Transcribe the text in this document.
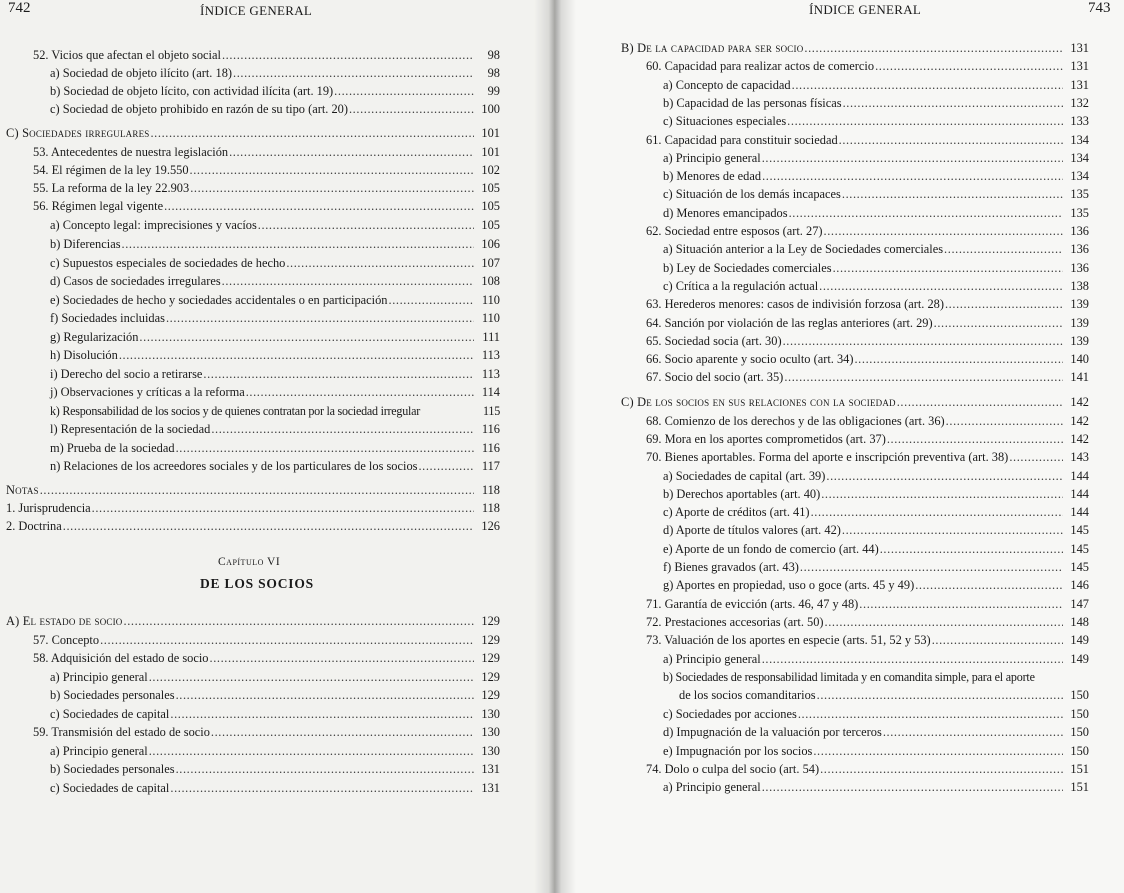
742	ÍNDICE GENERAL
52. Vicios que afectan el objeto social .....	98
a) Sociedad de objeto ilícito (art. 18) .....	98
b) Sociedad de objeto lícito, con actividad ilícita (art. 19) .....	99
c) Sociedad de objeto prohibido en razón de su tipo (art. 20) .....	100
C) Sociedades irregulares .....	101
53. Antecedentes de nuestra legislación .....	101
54. El régimen de la ley 19.550 .....	102
55. La reforma de la ley 22.903 .....	105
56. Régimen legal vigente .....	105
a) Concepto legal: imprecisiones y vacíos .....	105
b) Diferencias .....	106
c) Supuestos especiales de sociedades de hecho .....	107
d) Casos de sociedades irregulares .....	108
e) Sociedades de hecho y sociedades accidentales o en participación .....	110
f) Sociedades incluidas .....	110
g) Regularización .....	111
h) Disolución .....	113
i) Derecho del socio a retirarse .....	113
j) Observaciones y críticas a la reforma .....	114
k) Responsabilidad de los socios y de quienes contratan por la sociedad irregular	115
l) Representación de la sociedad .....	116
m) Prueba de la sociedad .....	116
n) Relaciones de los acreedores sociales y de los particulares de los socios .....	117
Notas .....	118
1. Jurisprudencia .....	118
2. Doctrina .....	126
Capítulo VI
DE LOS SOCIOS
A) El estado de socio .....	129
57. Concepto .....	129
58. Adquisición del estado de socio .....	129
a) Principio general .....	129
b) Sociedades personales .....	129
c) Sociedades de capital .....	130
59. Transmisión del estado de socio .....	130
a) Principio general .....	130
b) Sociedades personales .....	131
c) Sociedades de capital .....	131
ÍNDICE GENERAL	743
B) De la capacidad para ser socio .....	131
60. Capacidad para realizar actos de comercio .....	131
a) Concepto de capacidad .....	131
b) Capacidad de las personas físicas .....	132
c) Situaciones especiales .....	133
61. Capacidad para constituir sociedad .....	134
a) Principio general .....	134
b) Menores de edad .....	134
c) Situación de los demás incapaces .....	135
d) Menores emancipados .....	135
62. Sociedad entre esposos (art. 27) .....	136
a) Situación anterior a la Ley de Sociedades comerciales .....	136
b) Ley de Sociedades comerciales .....	136
c) Crítica a la regulación actual .....	138
63. Herederos menores: casos de indivisión forzosa (art. 28) .....	139
64. Sanción por violación de las reglas anteriores (art. 29) .....	139
65. Sociedad socia (art. 30) .....	139
66. Socio aparente y socio oculto (art. 34) .....	140
67. Socio del socio (art. 35) .....	141
C) De los socios en sus relaciones con la sociedad .....	142
68. Comienzo de los derechos y de las obligaciones (art. 36) .....	142
69. Mora en los aportes comprometidos (art. 37) .....	142
70. Bienes aportables. Forma del aporte e inscripción preventiva (art. 38) .....	143
a) Sociedades de capital (art. 39) .....	144
b) Derechos aportables (art. 40) .....	144
c) Aporte de créditos (art. 41) .....	144
d) Aporte de títulos valores (art. 42) .....	145
e) Aporte de un fondo de comercio (art. 44) .....	145
f) Bienes gravados (art. 43) .....	145
g) Aportes en propiedad, uso o goce (arts. 45 y 49) .....	146
71. Garantía de evicción (arts. 46, 47 y 48) .....	147
72. Prestaciones accesorias (art. 50) .....	148
73. Valuación de los aportes en especie (arts. 51, 52 y 53) .....	149
a) Principio general .....	149
b) Sociedades de responsabilidad limitada y en comandita simple, para el aporte
de los socios comanditarios .....	150
c) Sociedades por acciones .....	150
d) Impugnación de la valuación por terceros .....	150
e) Impugnación por los socios .....	150
74. Dolo o culpa del socio (art. 54) .....	151
a) Principio general .....	151
